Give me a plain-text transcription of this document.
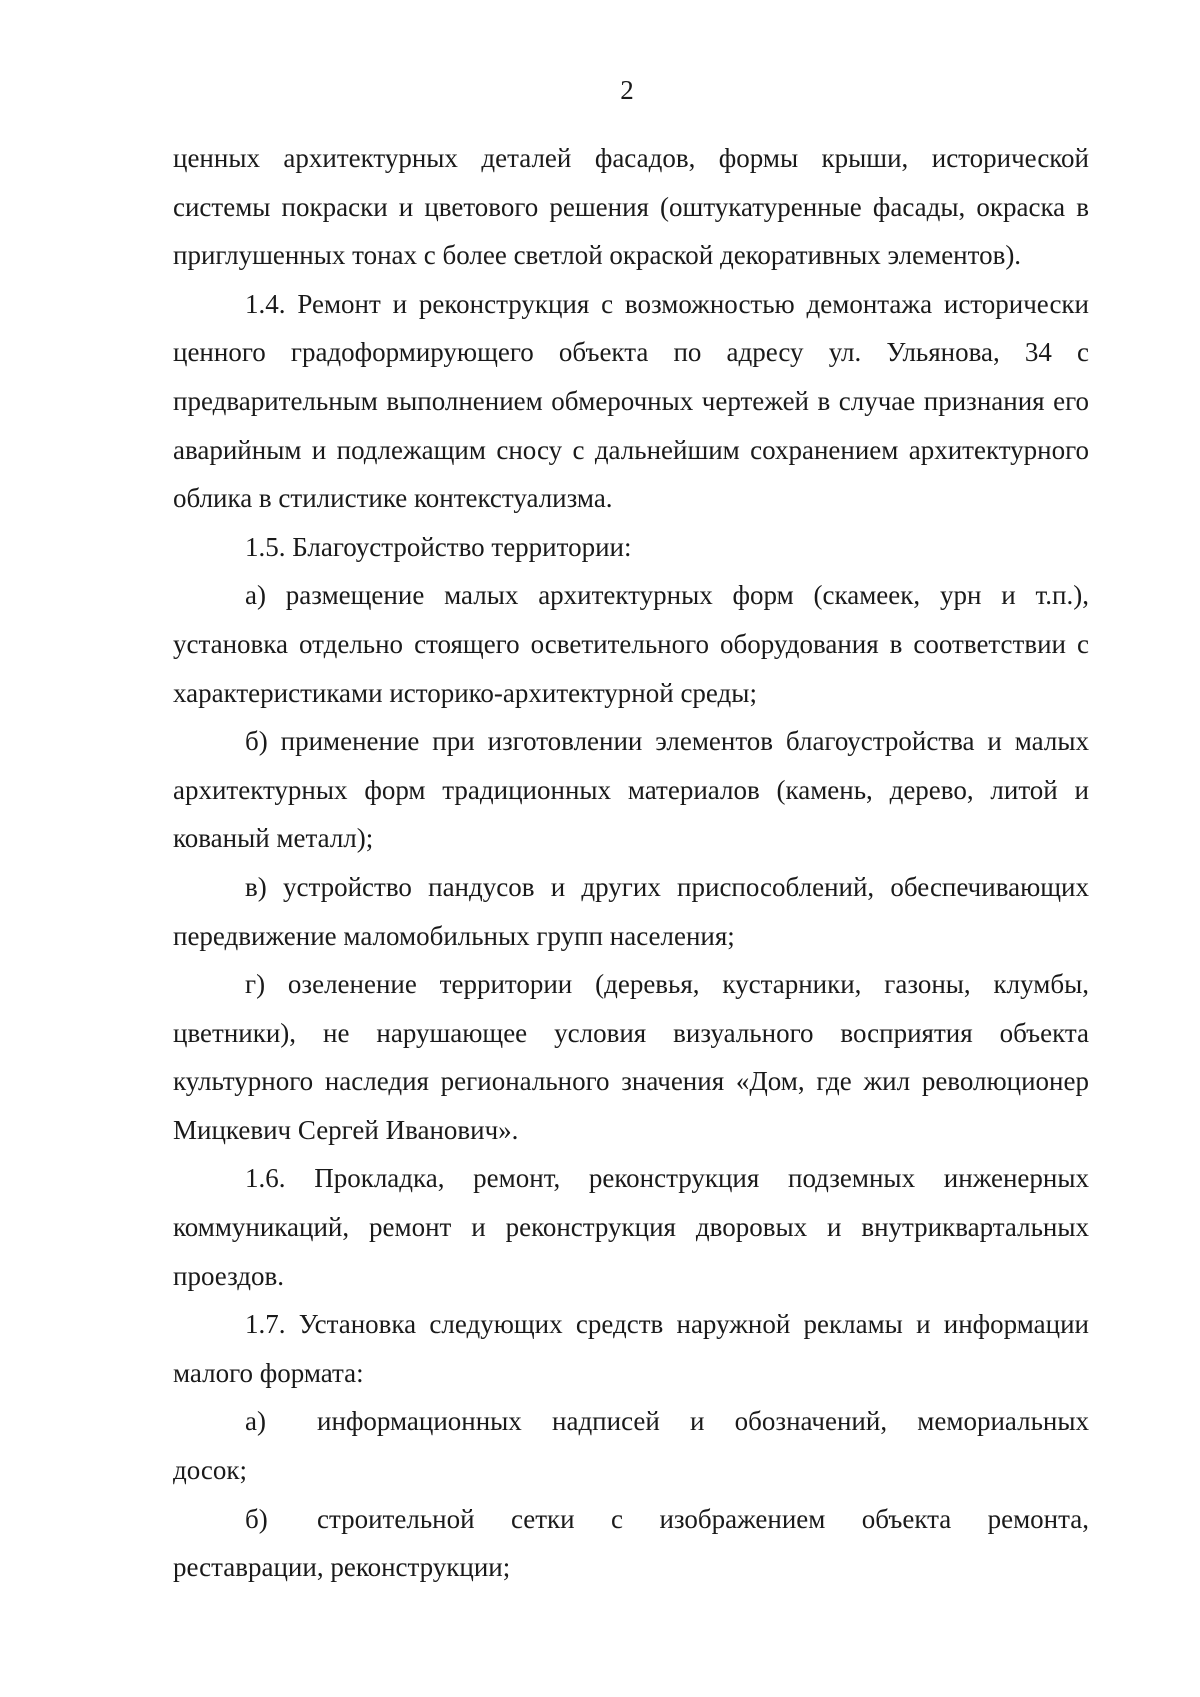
2

ценных архитектурных деталей фасадов, формы крыши, исторической системы покраски и цветового решения (оштукатуренные фасады, окраска в приглушенных тонах с более светлой окраской декоративных элементов).

1.4. Ремонт и реконструкция с возможностью демонтажа исторически ценного градоформирующего объекта по адресу ул. Ульянова, 34 с предварительным выполнением обмерочных чертежей в случае признания его аварийным и подлежащим сносу с дальнейшим сохранением архитектурного облика в стилистике контекстуализма.

1.5. Благоустройство территории:

а) размещение малых архитектурных форм (скамеек, урн и т.п.), установка отдельно стоящего осветительного оборудования в соответствии с характеристиками историко-архитектурной среды;

б) применение при изготовлении элементов благоустройства и малых архитектурных форм традиционных материалов (камень, дерево, литой и кованый металл);

в) устройство пандусов и других приспособлений, обеспечивающих передвижение маломобильных групп населения;

г) озеленение территории (деревья, кустарники, газоны, клумбы, цветники), не нарушающее условия визуального восприятия объекта культурного наследия регионального значения «Дом, где жил революционер Мицкевич Сергей Иванович».

1.6. Прокладка, ремонт, реконструкция подземных инженерных коммуникаций, ремонт и реконструкция дворовых и внутриквартальных проездов.

1.7. Установка следующих средств наружной рекламы и информации малого формата:

а)	информационных надписей и обозначений, мемориальных

досок;

б)	строительной сетки с изображением объекта ремонта,

реставрации, реконструкции;
